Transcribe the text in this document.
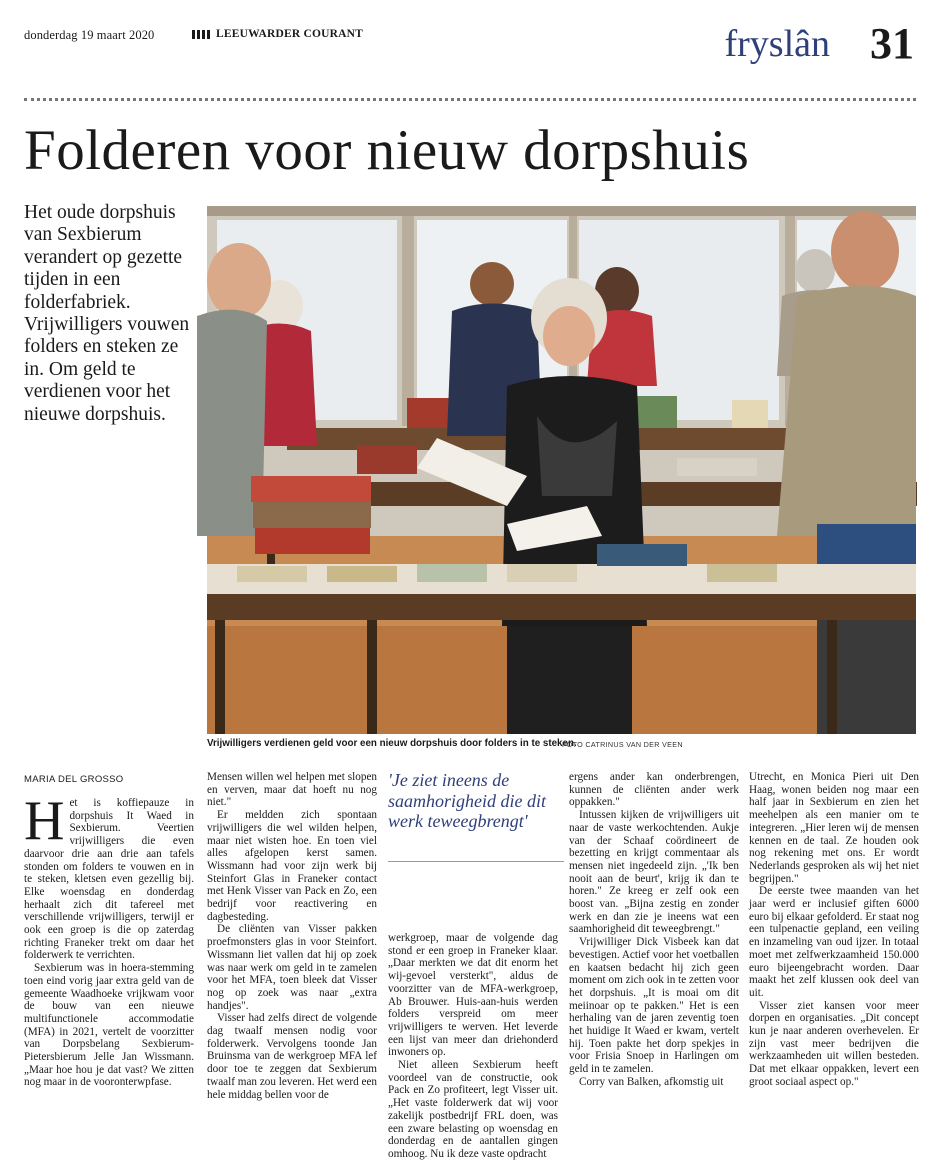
donderdag 19 maart 2020	LEEUWARDER COURANT	fryslân 31
Folderen voor nieuw dorpshuis
Het oude dorpshuis van Sexbierum verandert op gezette tijden in een folderfabriek. Vrijwilligers vouwen folders en steken ze in. Om geld te verdienen voor het nieuwe dorpshuis.
Vrijwilligers verdienen geld voor een nieuw dorpshuis door folders in te steken.
FOTO CATRINUS VAN DER VEEN
MARIA DEL GROSSO
H et is koffiepauze in dorpshuis It Waed in Sexbierum. Veertien vrijwilligers die even daarvoor drie aan drie aan tafels stonden om folders te vouwen en in te steken, kletsen even gezellig bij. Elke woensdag en donderdag herhaalt zich dit tafereel met verschillende vrijwilligers, terwijl er ook een groep is die op zaterdag richting Franeker trekt om daar het folderwerk te verrichten.

Sexbierum was in hoera-stemming toen eind vorig jaar extra geld van de gemeente Waadhoeke vrijkwam voor de bouw van een nieuwe multifunctionele accommodatie (MFA) in 2021, vertelt de voorzitter van Dorpsbelang Sexbierum-Pietersbierum Jelle Jan Wissmann. „Maar hoe hou je dat vast? We zitten nog maar in de vooronterwpfase.

Mensen willen wel helpen met slopen en verven, maar dat hoeft nu nog niet."

Er meldden zich spontaan vrijwilligers die wel wilden helpen, maar niet wisten hoe. En toen viel alles afgelopen kerst samen. Wissmann had voor zijn werk bij Steinfort Glas in Franeker contact met Henk Visser van Pack en Zo, een bedrijf voor reactivering en dagbesteding.

De cliënten van Visser pakken proefmonsters glas in voor Steinfort. Wissmann liet vallen dat hij op zoek was naar werk om geld in te zamelen voor het MFA, toen bleek dat Visser nog op zoek was naar „extra handjes".

Visser had zelfs direct de volgende dag twaalf mensen nodig voor folderwerk. Vervolgens toonde Jan Bruinsma van de werkgroep MFA lef door toe te zeggen dat Sexbierum twaalf man zou leveren. Het werd een hele middag bellen voor de

'Je ziet ineens de saamhorigheid die dit werk teweegbrengt'

werkgroep, maar de volgende dag stond er een groep in Franeker klaar. „Daar merkten we dat dit enorm het wij-gevoel versterkt", aldus de voorzitter van de MFA-werkgroep, Ab Brouwer. Huis-aan-huis werden folders verspreid om meer vrijwilligers te werven. Het leverde een lijst van meer dan driehonderd inwoners op.

Niet alleen Sexbierum heeft voordeel van de constructie, ook Pack en Zo profiteert, legt Visser uit. „Het vaste folderwerk dat wij voor zakelijk postbedrijf FRL doen, was een zware belasting op woensdag en donderdag en de aantallen gingen omhoog. Nu ik deze vaste opdracht

ergens ander kan onderbrengen, kunnen de cliënten ander werk oppakken."

Intussen kijken de vrijwilligers uit naar de vaste werkochtenden. Aukje van der Schaaf coördineert de bezetting en krijgt commentaar als mensen niet ingedeeld zijn. „'Ik ben nooit aan de beurt', krijg ik dan te horen." Ze kreeg er zelf ook een boost van. „Bijna zestig en zonder werk en dan zie je ineens wat een saamhorigheid dit teweegbrengt."

Vrijwilliger Dick Visbeek kan dat bevestigen. Actief voor het voetballen en kaatsen bedacht hij zich geen moment om zich ook in te zetten voor het dorpshuis. „It is moai om dit meiinoar op te pakken." Het is een herhaling van de jaren zeventig toen het huidige It Waed er kwam, vertelt hij. Toen pakte het dorp spekjes in voor Frisia Snoep in Harlingen om geld in te zamelen.

Corry van Balken, afkomstig uit

Utrecht, en Monica Pieri uit Den Haag, wonen beiden nog maar een half jaar in Sexbierum en zien het meehelpen als een manier om te integreren. „Hier leren wij de mensen kennen en de taal. Ze houden ook nog rekening met ons. Er wordt Nederlands gesproken als wij het niet begrijpen."

De eerste twee maanden van het jaar werd er inclusief giften 6000 euro bij elkaar gefolderd. Er staat nog een tulpenactie gepland, een veiling en inzameling van oud ijzer. In totaal moet met zelfwerkzaamheid 150.000 euro bijeengebracht worden. Daar maakt het zelf klussen ook deel van uit.

Visser ziet kansen voor meer dorpen en organisaties. „Dit concept kun je naar anderen overhevelen. Er zijn vast meer bedrijven die werkzaamheden uit willen besteden. Dat met elkaar oppakken, levert een groot sociaal aspect op."
